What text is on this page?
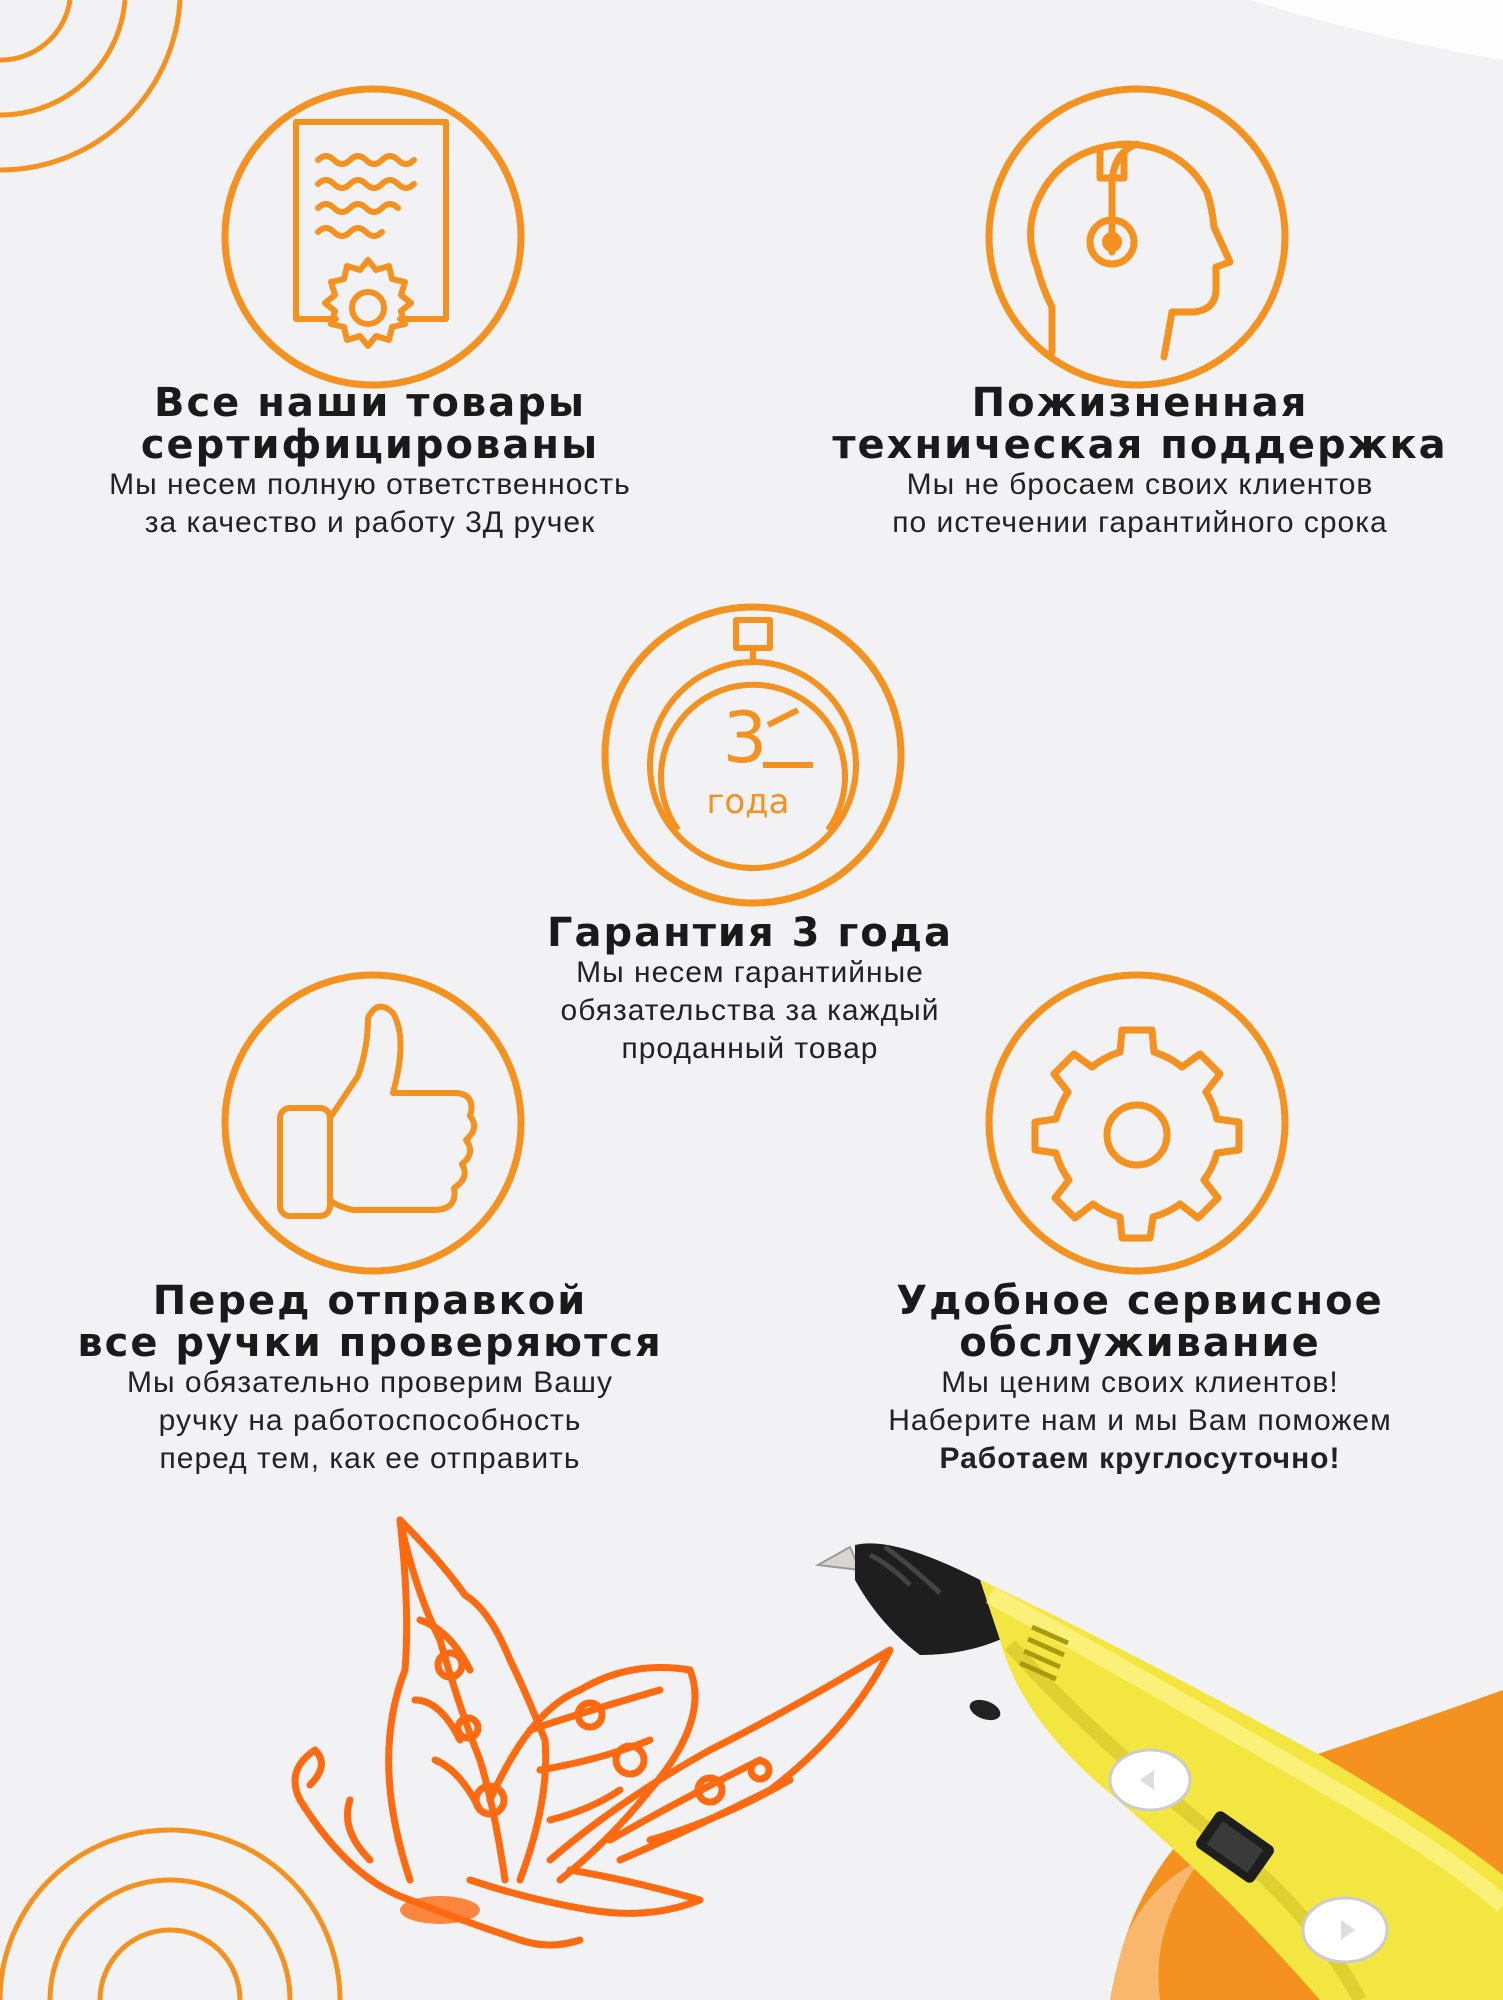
Все наши товары
сертифицированы

Мы несем полную ответственность
за качество и работу 3Д ручек

Пожизненная
техническая поддержка

Мы не бросаем своих клиентов
по истечении гарантийного срока

3
года

Гарантия 3 года

Мы несем гарантийные
обязательства за каждый
проданный товар

Перед отправкой
все ручки проверяются

Мы обязательно проверим Вашу
ручку на работоспособность
перед тем, как ее отправить

Удобное сервисное
обслуживание

Мы ценим своих клиентов!
Наберите нам и мы Вам поможем
Работаем круглосуточно!
